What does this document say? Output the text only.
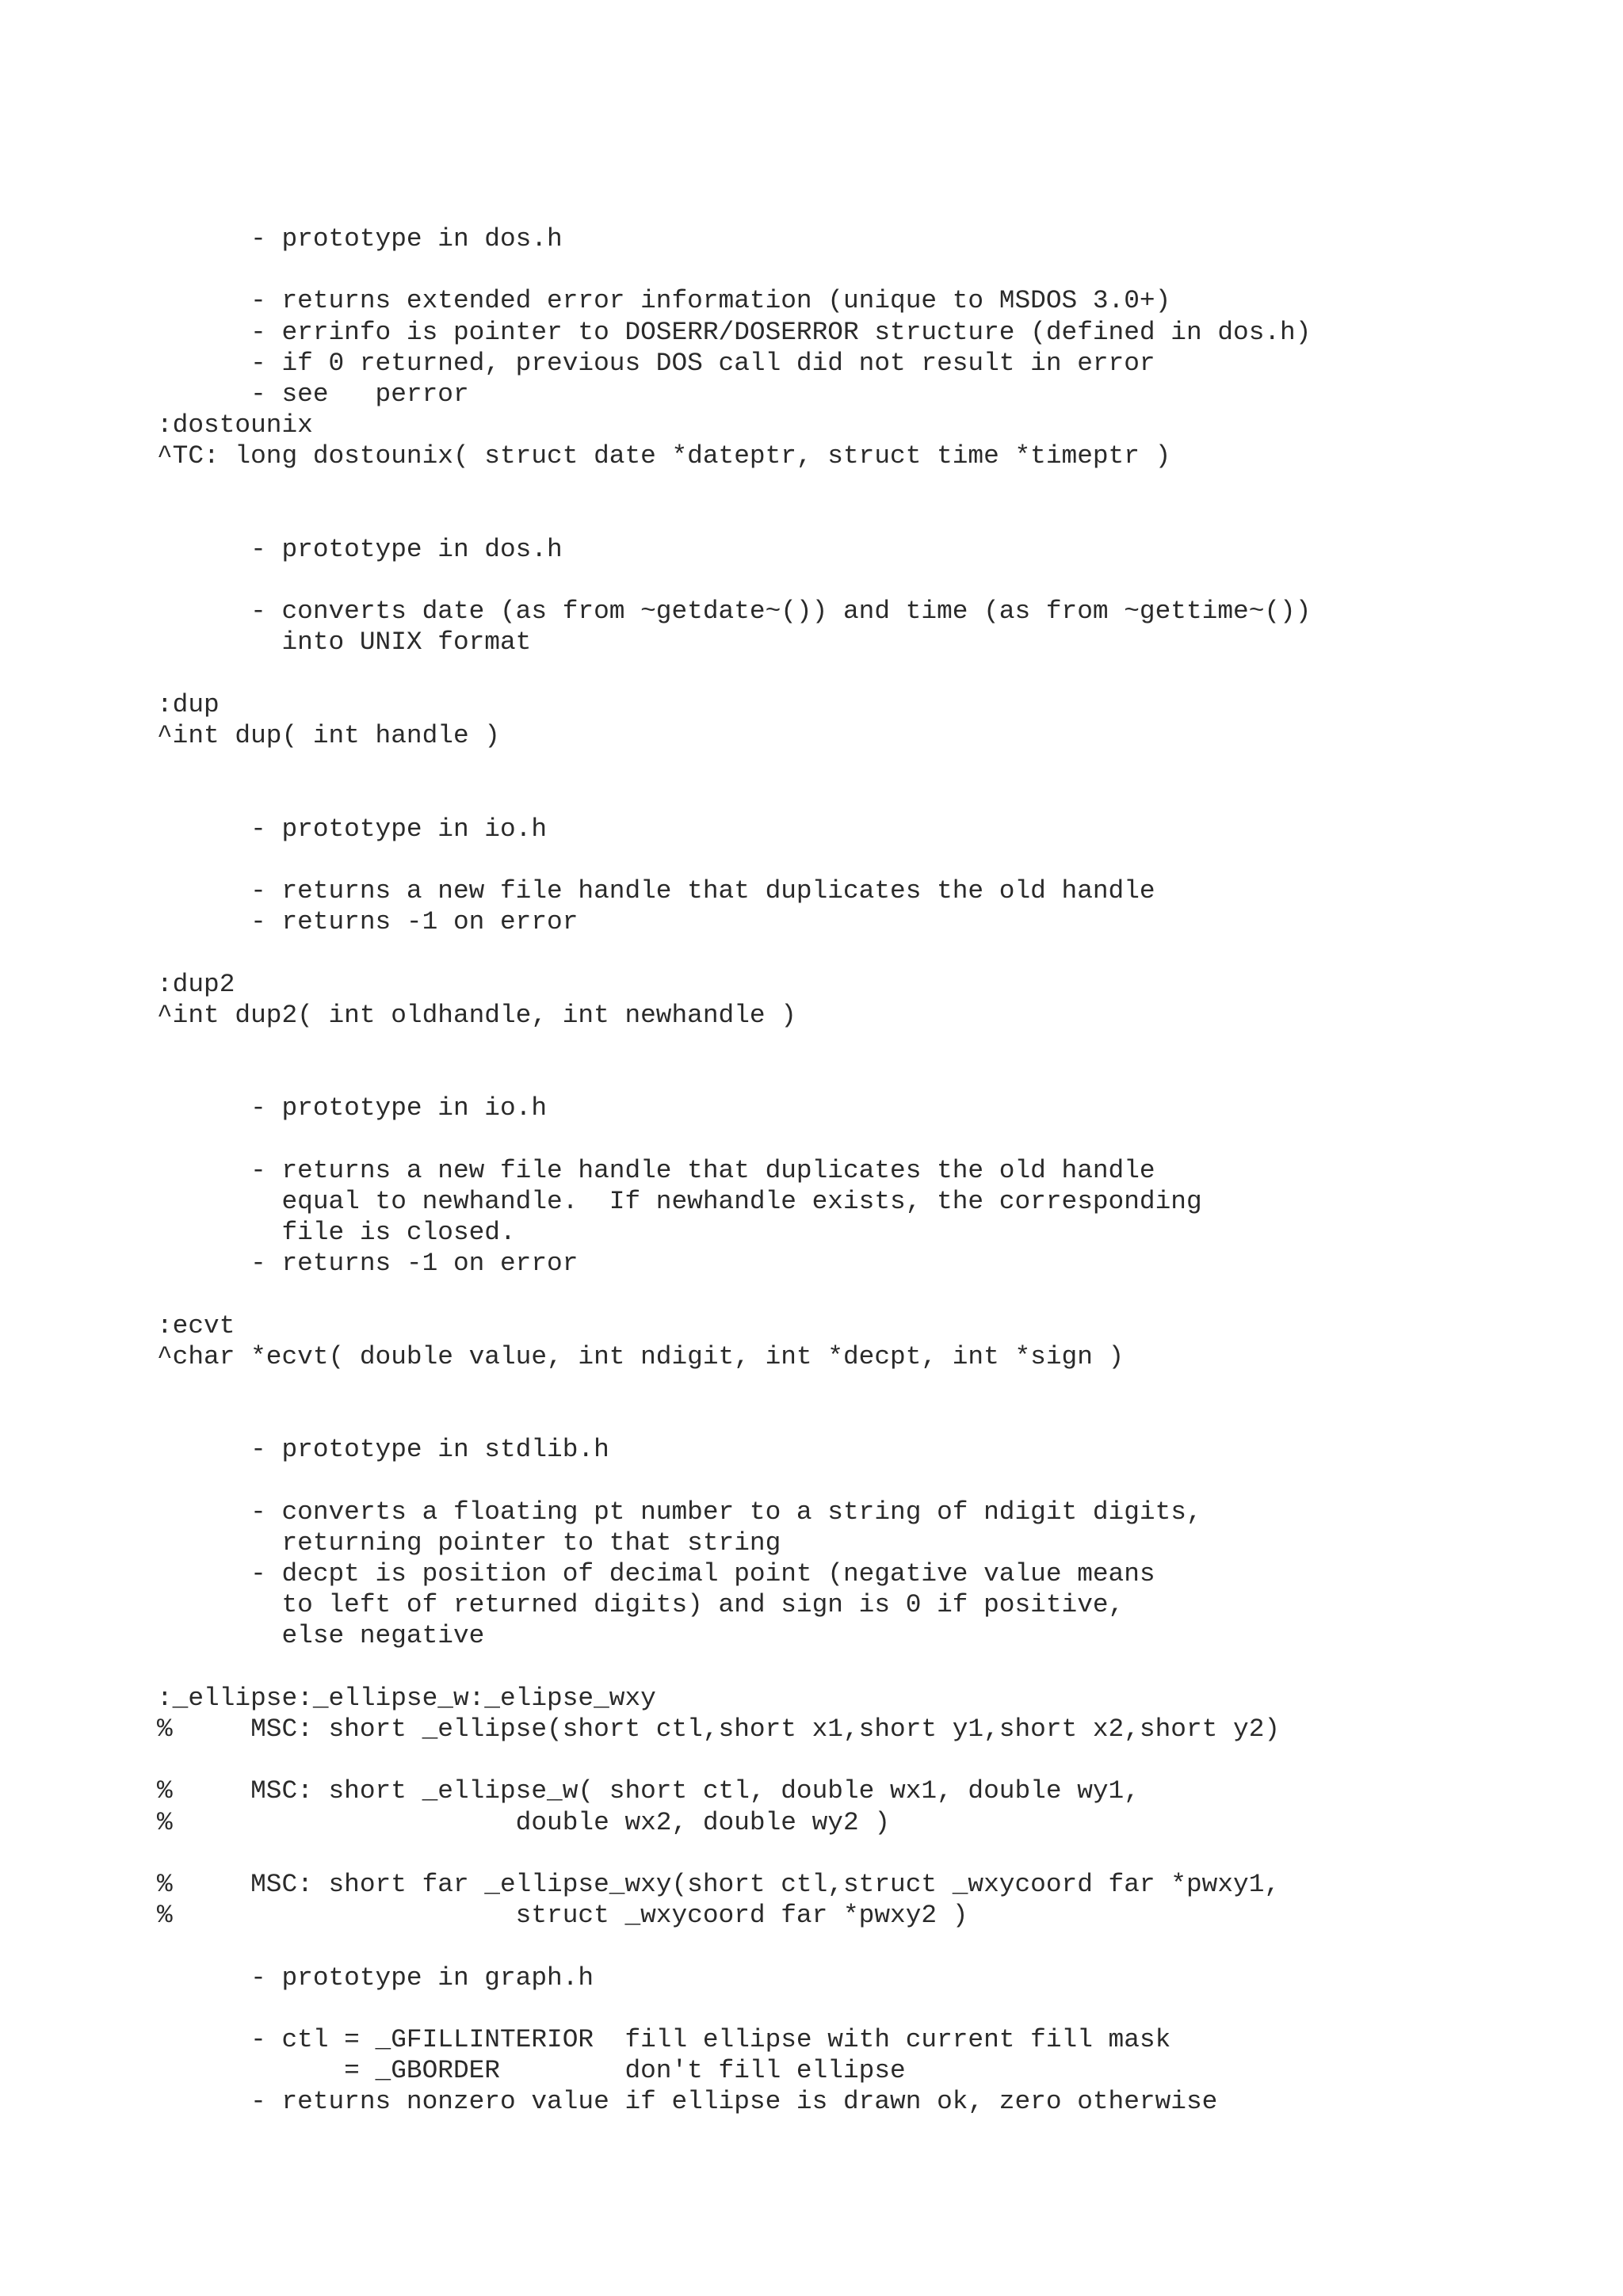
- prototype in dos.h

- returns extended error information (unique to MSDOS 3.0+)
- errinfo is pointer to DOSERR/DOSERROR structure (defined in dos.h)
- if 0 returned, previous DOS call did not result in error
- see   perror
:dostounix
^TC: long dostounix( struct date *dateptr, struct time *timeptr )

- prototype in dos.h

- converts date (as from ~getdate~()) and time (as from ~gettime~())
into UNIX format

:dup
^int dup( int handle )

- prototype in io.h

- returns a new file handle that duplicates the old handle
- returns -1 on error

:dup2
^int dup2( int oldhandle, int newhandle )

- prototype in io.h

- returns a new file handle that duplicates the old handle
equal to newhandle.  If newhandle exists, the corresponding
file is closed.
- returns -1 on error

:ecvt
^char *ecvt( double value, int ndigit, int *decpt, int *sign )

- prototype in stdlib.h

- converts a floating pt number to a string of ndigit digits,
returning pointer to that string
- decpt is position of decimal point (negative value means
to left of returned digits) and sign is 0 if positive,
else negative

:_ellipse:_ellipse_w:_elipse_wxy
%     MSC: short _ellipse(short ctl,short x1,short y1,short x2,short y2)

%     MSC: short _ellipse_w( short ctl, double wx1, double wy1,
%                      double wx2, double wy2 )

%     MSC: short far _ellipse_wxy(short ctl,struct _wxycoord far *pwxy1,
%                      struct _wxycoord far *pwxy2 )

- prototype in graph.h

- ctl = _GFILLINTERIOR  fill ellipse with current fill mask
= _GBORDER        don't fill ellipse
- returns nonzero value if ellipse is drawn ok, zero otherwise
